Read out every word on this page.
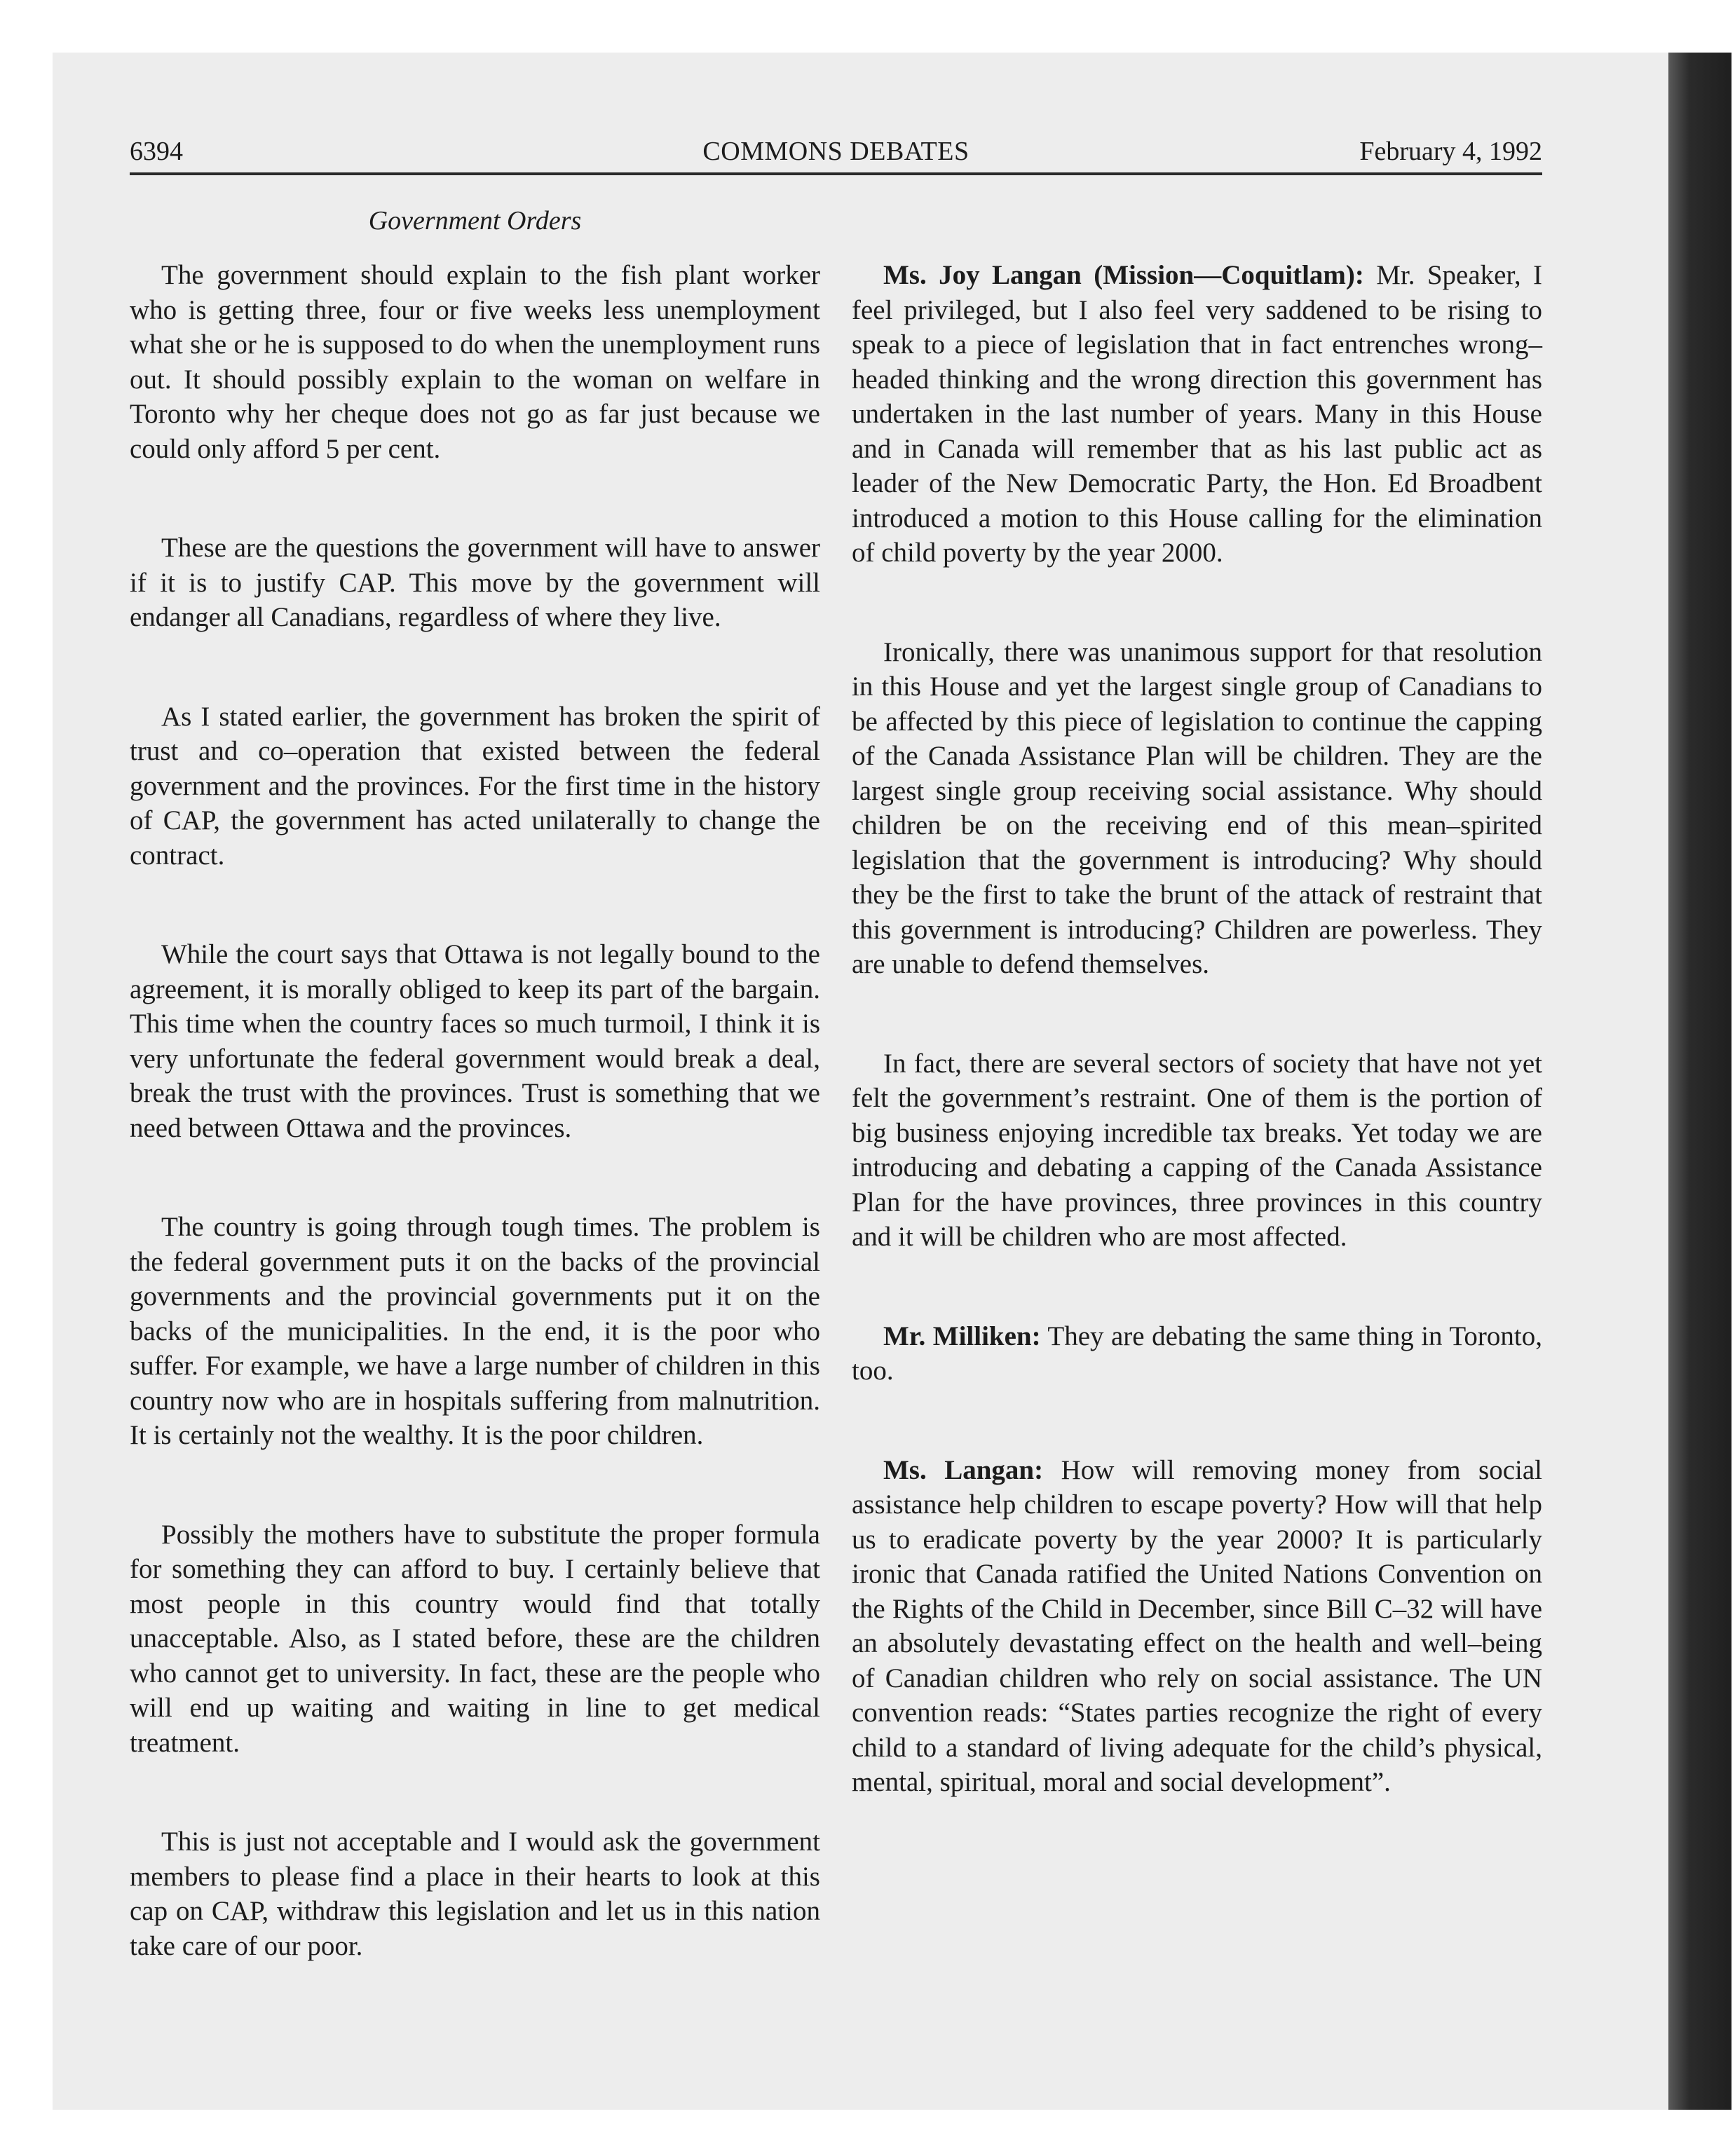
6394	COMMONS DEBATES	February 4, 1992
Government Orders

The government should explain to the fish plant worker who is getting three, four or five weeks less unemployment what she or he is supposed to do when the unemployment runs out. It should possibly explain to the woman on welfare in Toronto why her cheque does not go as far just because we could only afford 5 per cent.

These are the questions the government will have to answer if it is to justify CAP. This move by the government will endanger all Canadians, regardless of where they live.

As I stated earlier, the government has broken the spirit of trust and co–operation that existed between the federal government and the provinces. For the first time in the history of CAP, the government has acted unilaterally to change the contract.

While the court says that Ottawa is not legally bound to the agreement, it is morally obliged to keep its part of the bargain. This time when the country faces so much turmoil, I think it is very unfortunate the federal government would break a deal, break the trust with the provinces. Trust is something that we need between Ottawa and the provinces.

The country is going through tough times. The problem is the federal government puts it on the backs of the provincial governments and the provincial governments put it on the backs of the municipalities. In the end, it is the poor who suffer. For example, we have a large number of children in this country now who are in hospitals suffering from malnutrition. It is certainly not the wealthy. It is the poor children.

Possibly the mothers have to substitute the proper formula for something they can afford to buy. I certainly believe that most people in this country would find that totally unacceptable. Also, as I stated before, these are the children who cannot get to university. In fact, these are the people who will end up waiting and waiting in line to get medical treatment.

This is just not acceptable and I would ask the government members to please find a place in their hearts to look at this cap on CAP, withdraw this legislation and let us in this nation take care of our poor.

Ms. Joy Langan (Mission—Coquitlam): Mr. Speaker, I feel privileged, but I also feel very saddened to be rising to speak to a piece of legislation that in fact entrenches wrong–headed thinking and the wrong direction this government has undertaken in the last number of years. Many in this House and in Canada will remember that as his last public act as leader of the New Democratic Party, the Hon. Ed Broadbent introduced a motion to this House calling for the elimination of child poverty by the year 2000.

Ironically, there was unanimous support for that resolution in this House and yet the largest single group of Canadians to be affected by this piece of legislation to continue the capping of the Canada Assistance Plan will be children. They are the largest single group receiving social assistance. Why should children be on the receiving end of this mean–spirited legislation that the government is introducing? Why should they be the first to take the brunt of the attack of restraint that this government is introducing? Children are powerless. They are unable to defend themselves.

In fact, there are several sectors of society that have not yet felt the government’s restraint. One of them is the portion of big business enjoying incredible tax breaks. Yet today we are introducing and debating a capping of the Canada Assistance Plan for the have provinces, three provinces in this country and it will be children who are most affected.

Mr. Milliken: They are debating the same thing in Toronto, too.

Ms. Langan: How will removing money from social assistance help children to escape poverty? How will that help us to eradicate poverty by the year 2000? It is particularly ironic that Canada ratified the United Nations Convention on the Rights of the Child in December, since Bill C–32 will have an absolutely devastating effect on the health and well–being of Canadian children who rely on social assistance. The UN convention reads: “States parties recognize the right of every child to a standard of living adequate for the child’s physical, mental, spiritual, moral and social development”.
